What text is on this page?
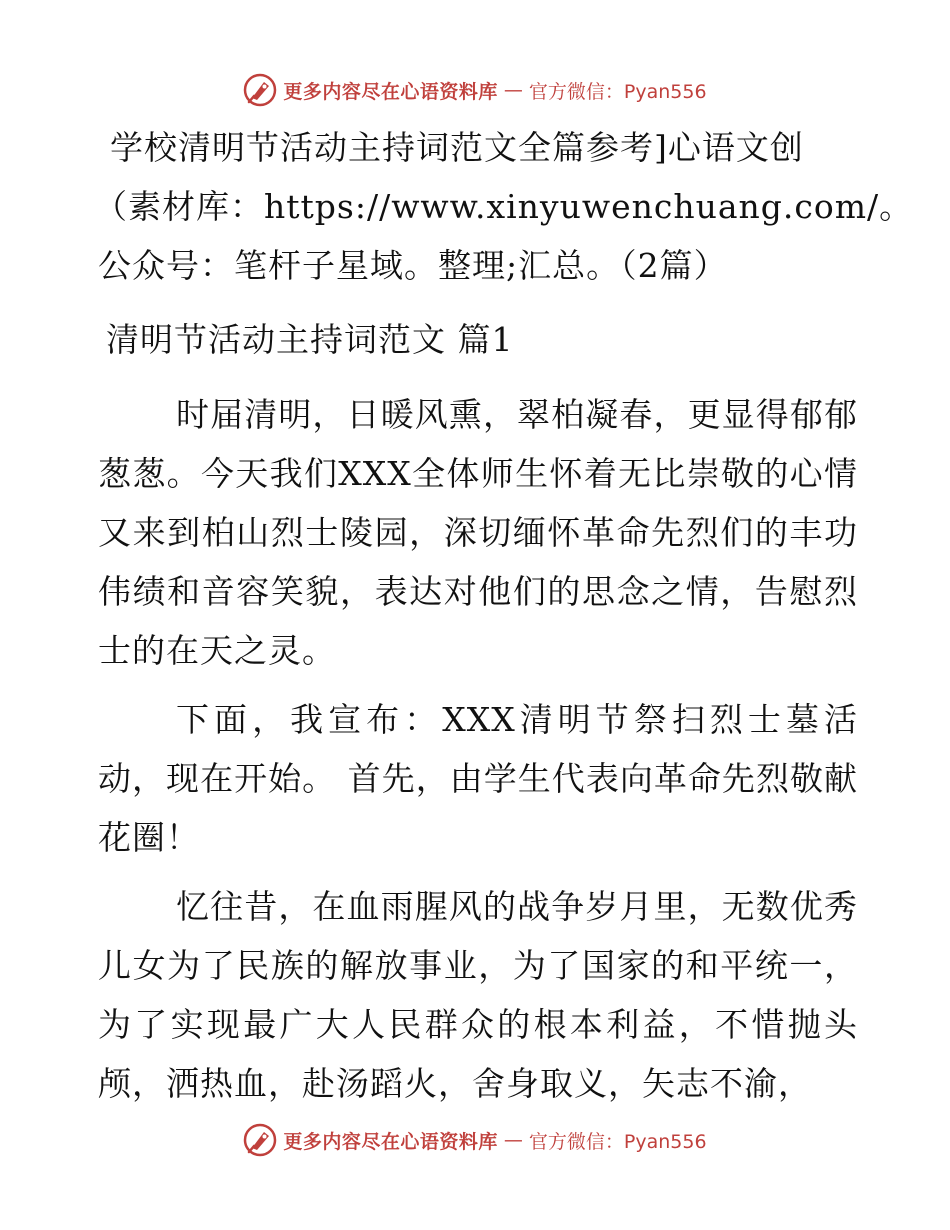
更多内容尽在心语资料库 — 官方微信：Pyan556
学校清明节活动主持词范文全篇参考]心语文创
（素材库：https://www.xinyuwenchuang.com/。
公众号：笔杆子星域。整理;汇总。（2篇）
清明节活动主持词范文 篇1
时届清明，日暖风熏，翠柏凝春，更显得郁郁葱葱。今天我们XXX全体师生怀着无比崇敬的心情又来到柏山烈士陵园，深切缅怀革命先烈们的丰功伟绩和音容笑貌，表达对他们的思念之情，告慰烈士的在天之灵。
下面，我宣布：XXX清明节祭扫烈士墓活动，现在开始。 首先，由学生代表向革命先烈敬献花圈！
忆往昔，在血雨腥风的战争岁月里，无数优秀儿女为了民族的解放事业，为了国家的和平统一，为了实现最广大人民群众的根本利益，不惜抛头颅，洒热血，赴汤蹈火，舍身取义，矢志不渝，
更多内容尽在心语资料库 — 官方微信：Pyan556
